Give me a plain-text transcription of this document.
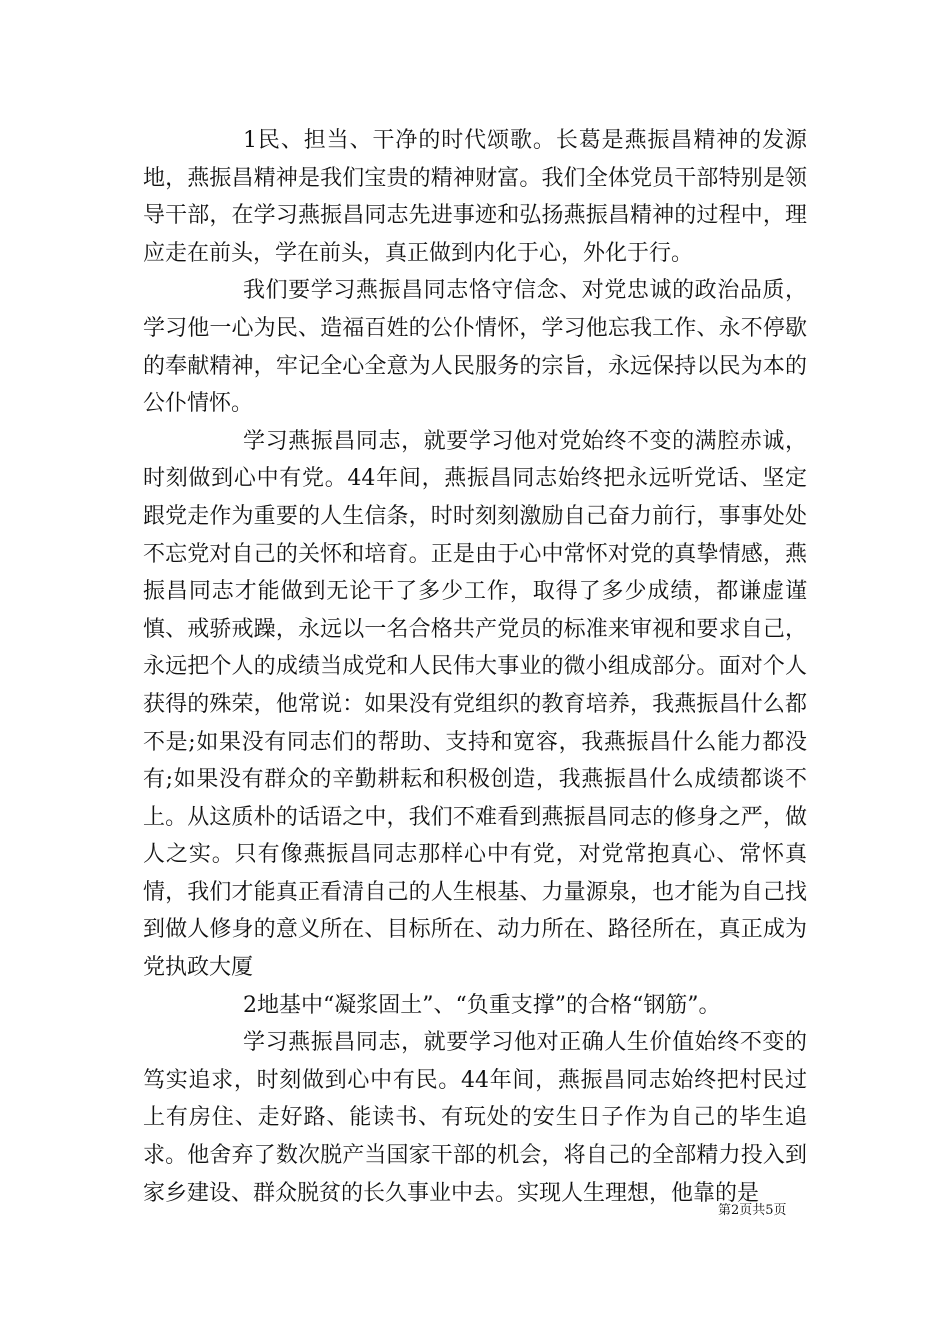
1民、担当、干净的时代颂歌。长葛是燕振昌精神的发源地，燕振昌精神是我们宝贵的精神财富。我们全体党员干部特别是领导干部，在学习燕振昌同志先进事迹和弘扬燕振昌精神的过程中，理应走在前头，学在前头，真正做到内化于心，外化于行。

我们要学习燕振昌同志恪守信念、对党忠诚的政治品质，学习他一心为民、造福百姓的公仆情怀，学习他忘我工作、永不停歇的奉献精神，牢记全心全意为人民服务的宗旨，永远保持以民为本的公仆情怀。

学习燕振昌同志，就要学习他对党始终不变的满腔赤诚，时刻做到心中有党。44年间，燕振昌同志始终把永远听党话、坚定跟党走作为重要的人生信条，时时刻刻激励自己奋力前行，事事处处不忘党对自己的关怀和培育。正是由于心中常怀对党的真挚情感，燕振昌同志才能做到无论干了多少工作，取得了多少成绩，都谦虚谨慎、戒骄戒躁，永远以一名合格共产党员的标准来审视和要求自己，永远把个人的成绩当成党和人民伟大事业的微小组成部分。面对个人获得的殊荣，他常说：如果没有党组织的教育培养，我燕振昌什么都不是;如果没有同志们的帮助、支持和宽容，我燕振昌什么能力都没有;如果没有群众的辛勤耕耘和积极创造，我燕振昌什么成绩都谈不上。从这质朴的话语之中，我们不难看到燕振昌同志的修身之严，做人之实。只有像燕振昌同志那样心中有党，对党常抱真心、常怀真情，我们才能真正看清自己的人生根基、力量源泉，也才能为自己找到做人修身的意义所在、目标所在、动力所在、路径所在，真正成为党执政大厦

2地基中“凝浆固土”、“负重支撑”的合格“钢筋”。

学习燕振昌同志，就要学习他对正确人生价值始终不变的笃实追求，时刻做到心中有民。44年间，燕振昌同志始终把村民过上有房住、走好路、能读书、有玩处的安生日子作为自己的毕生追求。他舍弃了数次脱产当国家干部的机会，将自己的全部精力投入到家乡建设、群众脱贫的长久事业中去。实现人生理想，他靠的是

第2页共5页
